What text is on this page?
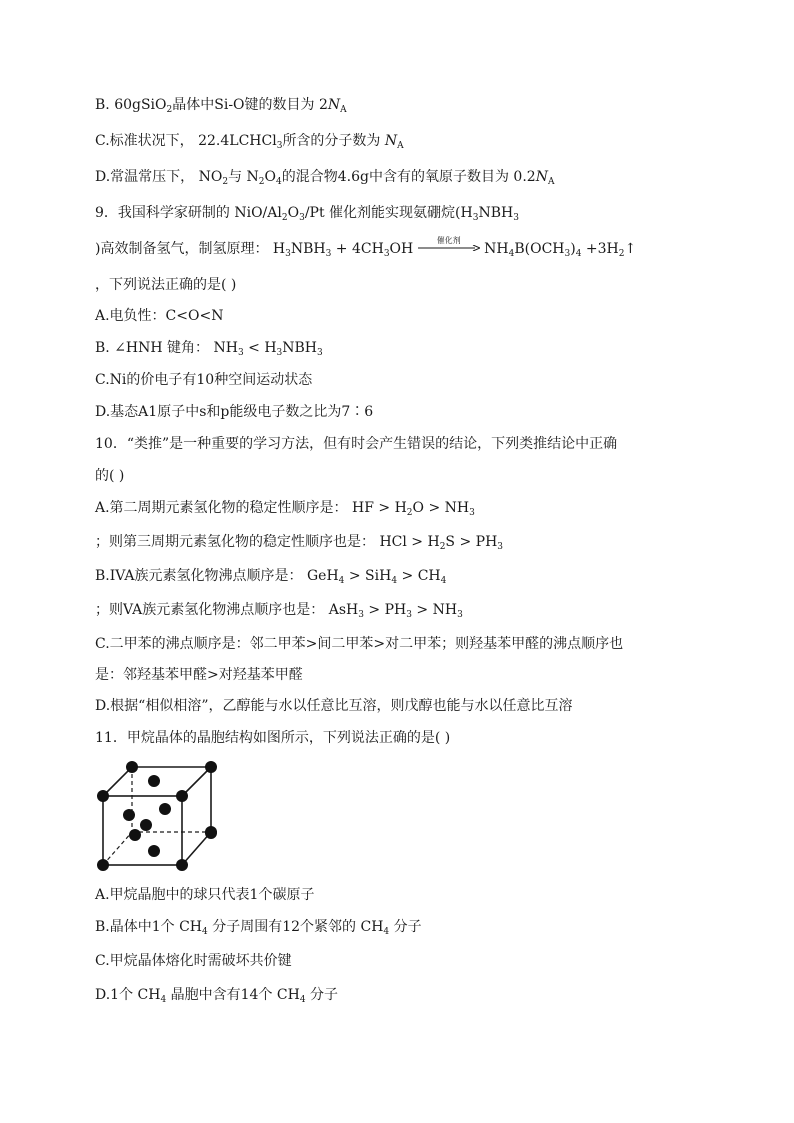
B. 60gSiO$_2$晶体中Si-O键的数目为 $2N_A$
C.标准状况下， 22.4LCHCl$_3$所含的分子数为 $N_A$
D.常温常压下， $NO_2$与 $N_2O_4$的混合物4.6g中含有的氧原子数目为 $0.2N_A$
9．我国科学家研制的 NiO/$Al_2O_3/Pt$ 催化剂能实现氨硼烷($H_3NBH_3$
)高效制备氢气，制氢原理： $H_3NBH_3 + 4CH_3OH$
催化剂
$NH_4B(OCH_3)_4$ $+3H_2↑$
，下列说法正确的是( )
A.电负性：C<O<N
B. ∠HNH 键角： $NH_3 < H_3NBH_3$
C.Ni的价电子有10种空间运动状态
D.基态A1原子中s和p能级电子数之比为7∶6
10．“类推”是一种重要的学习方法，但有时会产生错误的结论，下列类推结论中正确
的( )
A.第二周期元素氢化物的稳定性顺序是： HF > $H_2O > NH_3$
；则第三周期元素氢化物的稳定性顺序也是： HCl > $H_2S > PH_3$
B.IVA族元素氢化物沸点顺序是： $GeH_4 > SiH_4 > CH_4$
；则VA族元素氢化物沸点顺序也是： $AsH_3 > PH_3 > NH_3$
C.二甲苯的沸点顺序是：邻二甲苯>间二甲苯>对二甲苯；则羟基苯甲醛的沸点顺序也
是：邻羟基苯甲醛>对羟基苯甲醛
D.根据“相似相溶”，乙醇能与水以任意比互溶，则戊醇也能与水以任意比互溶
11．甲烷晶体的晶胞结构如图所示，下列说法正确的是( )
A.甲烷晶胞中的球只代表1个碳原子
B.晶体中1个 $CH_4$ 分子周围有12个紧邻的 $CH_4$ 分子
C.甲烷晶体熔化时需破坏共价键
D.1个 $CH_4$ 晶胞中含有14个 $CH_4$ 分子
